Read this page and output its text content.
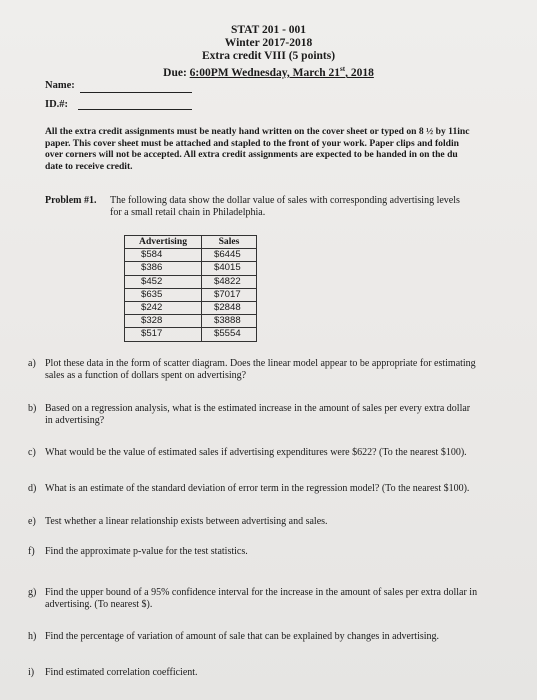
STAT 201 - 001
Winter 2017-2018
Extra credit VIII (5 points)
Due: 6:00PM Wednesday, March 21st, 2018
Name:
ID.#:
All the extra credit assignments must be neatly hand written on the cover sheet or typed on 8 ½ by 11inc
paper. This cover sheet must be attached and stapled to the front of your work. Paper clips and foldin
over corners will not be accepted. All extra credit assignments are expected to be handed in on the du
date to receive credit.
Problem #1. The following data show the dollar value of sales with corresponding advertising levels
for a small retail chain in Philadelphia.
Advertising	Sales
$584	$6445
$386	$4015
$452	$4822
$635	$7017
$242	$2848
$328	$3888
$517	$5554
a) Plot these data in the form of scatter diagram. Does the linear model appear to be appropriate for estimating
sales as a function of dollars spent on advertising?
b) Based on a regression analysis, what is the estimated increase in the amount of sales per every extra dollar
in advertising?
c) What would be the value of estimated sales if advertising expenditures were $622? (To the nearest $100).
d) What is an estimate of the standard deviation of error term in the regression model? (To the nearest $100).
e) Test whether a linear relationship exists between advertising and sales.
f) Find the approximate p-value for the test statistics.
g) Find the upper bound of a 95% confidence interval for the increase in the amount of sales per extra dollar in
advertising. (To nearest $).
h) Find the percentage of variation of amount of sale that can be explained by changes in advertising.
i) Find estimated correlation coefficient.
